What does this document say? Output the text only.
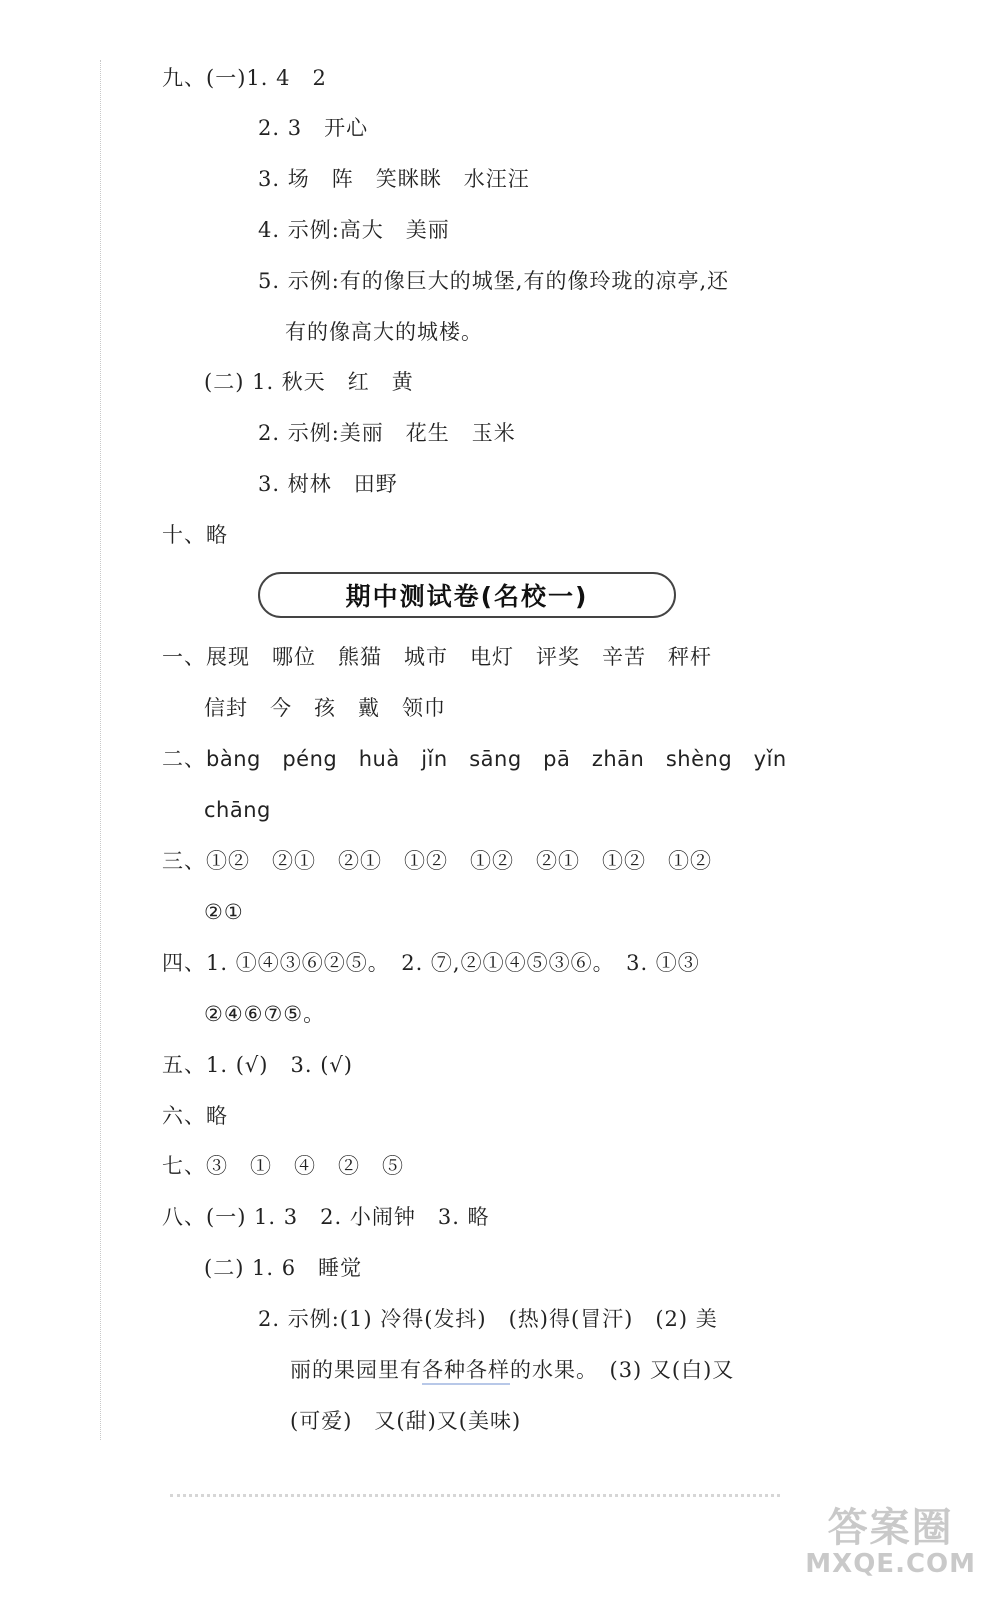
九、(一)1. 4　2
2. 3　开心
3. 场　阵　笑眯眯　水汪汪
4. 示例:高大　美丽
5. 示例:有的像巨大的城堡,有的像玲珑的凉亭,还
有的像高大的城楼。
(二) 1. 秋天　红　黄
2. 示例:美丽　花生　玉米
3. 树林　田野
十、略
期中测试卷(名校一)
一、展现　哪位　熊猫　城市　电灯　评奖　辛苦　秤杆
信封　今　孩　戴　领巾
二、bàng　péng　huà　jǐn　sāng　pā　zhān　shèng　yǐn
chāng
三、①②　②①　②①　①②　①②　②①　①②　①②
②①
四、1. ①④③⑥②⑤。　2. ⑦,②①④⑤③⑥。　3. ①③
②④⑥⑦⑤。
五、1. (√)　3. (√)
六、略
七、③　①　④　②　⑤
八、(一) 1. 3　2. 小闹钟　3. 略
(二) 1. 6　睡觉
2. 示例:(1) 冷得(发抖)　(热)得(冒汗)　(2) 美
丽的果园里有各种各样的水果。　(3) 又(白)又
(可爱)　又(甜)又(美味)
答案圈
MXQE.COM
